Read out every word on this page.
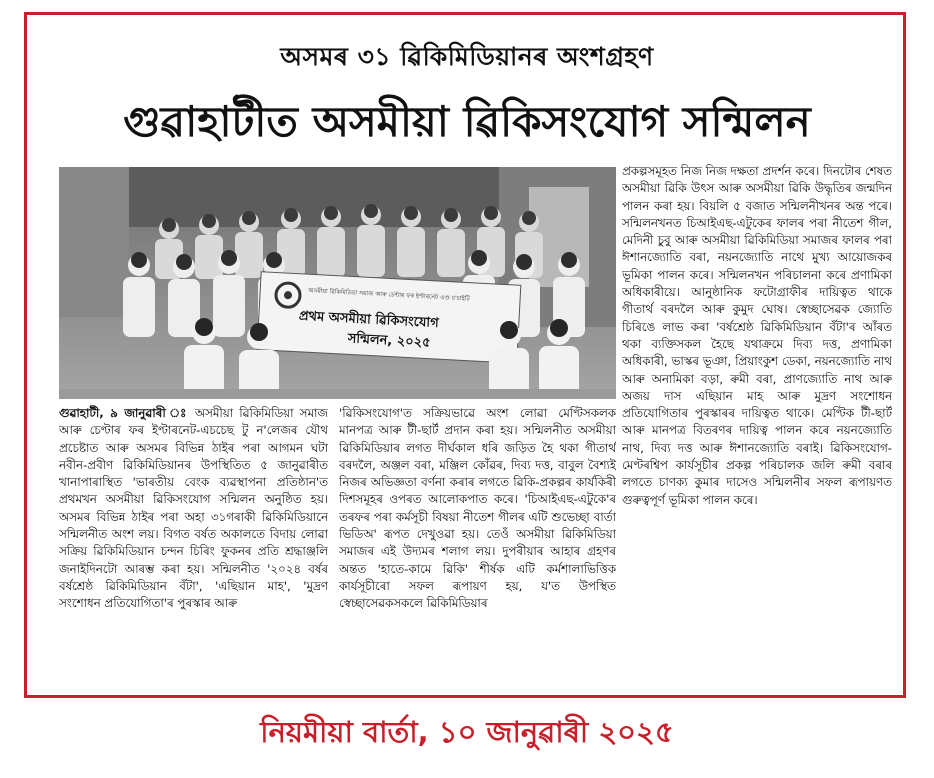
অসমৰ ৩১ ৱিকিমিডিয়ানৰ অংশগ্ৰহণ
গুৱাহাটীত অসমীয়া ৱিকিসংযোগ সন্মিলন
অসমীয়া ৱিকিমিডিয়া সমাজ আৰু চেন্টাৰ ফৰ ইণ্টাৰনেট এণ্ড চ'চাইটি
প্ৰথম অসমীয়া ৱিকিসংযোগ
সন্মিলন, ২০২৫

গুৱাহাটী, ৯ জানুৱাৰী ঃ অসমীয়া ৱিকিমিডিয়া সমাজ আৰু চেণ্টাৰ ফৰ ইণ্টাৰনেট-এচচেছ টু ন'লেজৰ যৌথ প্ৰচেষ্টাত আৰু অসমৰ বিভিন্ন ঠাইৰ পৰা আগমন ঘটা নবীন-প্ৰবীণ ৱিকিমিডিয়ানৰ উপস্থিতিত ৫ জানুৱাৰীত খানাপাৰাস্থিত 'ভাৰতীয় বেংক ব্যৱস্থাপনা প্ৰতিষ্ঠান'ত প্ৰথমখন অসমীয়া ৱিকিসংযোগ সন্মিলন অনুষ্ঠিত হয়। অসমৰ বিভিন্ন ঠাইৰ পৰা অহা ৩১গৰাকী ৱিকিমিডিয়ানে সন্মিলনীত অংশ লয়। বিগত বৰ্ষত অকালতে বিদায় লোৱা সক্ৰিয় ৱিকিমিডিয়ান চন্দন চিৰিং ফুকনৰ প্ৰতি শ্ৰদ্ধাঞ্জলি জনাইদিনটো আৰম্ভ কৰা হয়। সন্মিলনীত '২০২৪ বৰ্ষৰ বৰ্ষশ্ৰেষ্ঠ ৱিকিমিডিয়ান বঁটা', 'এছিয়ান মাহ', 'মুদ্ৰণ সংশোধন প্ৰতিযোগিতা'ৰ পুৰস্কাৰ আৰু

'ৱিকিসংযোগ'ত সক্ৰিয়ভাৱে অংশ লোৱা মেণ্টিসকলক মানপত্ৰ আৰু টী-ছাৰ্ট প্ৰদান কৰা হয়। সন্মিলনীত অসমীয়া ৱিকিমিডিয়াৰ লগত দীৰ্ঘকাল ধৰি জড়িত হৈ থকা গীতাৰ্থ বৰদলৈ, অঞ্জল বৰা, মঞ্জিল কোঁৱৰ, দিব্য দত্ত, বাবুল বৈশ্যই নিজৰ অভিজ্ঞতা বৰ্ণনা কৰাৰ লগতে ৱিকি-প্ৰকল্পৰ কাৰ্যকিৰী দিশসমূহৰ ওপৰত আলোকপাত কৰে। 'চিআইএছ-এটুকে'ৰ তৰফৰ পৰা কৰ্মসূচী বিষয়া নীতেশ গীলৰ এটি শুভেচ্ছা বাৰ্তা ভিডিঅ' ৰূপত দেখুওৱা হয়। তেওঁ অসমীয়া ৱিকিমিডিয়া সমাজৰ এই উদ্যমৰ শলাগ লয়। দুপৰীয়াৰ আহাৰ গ্ৰহণৰ অন্তত 'হাতে-কামে ৱিকি' শীৰ্ষক এটি কৰ্মশালাভিত্তিক কাৰ্যসূচীৰো সফল ৰূপায়ণ হয়, য'ত উপস্থিত স্বেচ্ছাসেৱকসকলে ৱিকিমিডিয়াৰ

প্ৰকল্পসমূহত নিজ নিজ দক্ষতা প্ৰদৰ্শন কৰে। দিনটোৰ শেষত অসমীয়া ৱিকি উৎস আৰু অসমীয়া ৱিকি উদ্ধৃতিৰ জন্মদিন পালন কৰা হয়। বিয়লি ৫ বজাত সন্মিলনীখনৰ অন্ত পৰে। সন্মিলনখনত চিআইএছ-এটুকেৰ ফালৰ পৰা নীতেশ গীল, মেদিনী চুবু আৰু অসমীয়া ৱিকিমিডিয়া সমাজৰ ফালৰ পৰা ঈশানজ্যোতি বৰা, নয়নজ্যোতি নাথে মুখ্য আয়োজকৰ ভূমিকা পালন কৰে। সন্মিলনখন পৰিচালনা কৰে প্ৰণামিকা অধিকাৰীয়ে। আনুষ্ঠানিক ফটোগ্ৰাফীৰ দায়িত্বত থাকে গীতাৰ্থ বৰদলৈ আৰু কুমুদ ঘোষ। স্বেচ্ছাসেৱক জ্যোতি চিৰিঙে লাভ কৰা 'বৰ্ষশ্ৰেষ্ঠ ৱিকিমিডিয়ান বঁটা'ৰ আঁৰত থকা ব্যক্তিসকল হৈছে যথাক্ৰমে দিব্য দত্ত, প্ৰণামিকা অধিকাৰী, ভাস্কৰ ভূঞা, প্ৰিয়াংকুশ ডেকা, নয়নজ্যোতি নাথ আৰু অনামিকা বড়া, ৰুমী বৰা, প্ৰাণজ্যোতি নাথ আৰু অজয় দাস এছিয়ান মাহ আৰু মুদ্ৰণ সংশোধন প্ৰতিযোগিতাৰ পুৰস্কাৰৰ দায়িত্বত থাকে। মেণ্টিক টী-ছাৰ্ট আৰু মানপত্ৰ বিতৰণৰ দায়িত্ব পালন কৰে নয়নজ্যোতি নাথ, দিব্য দত্ত আৰু ঈশানজ্যোতি বৰাই। ৱিকিসংযোগ-মেণ্টৰশ্বিপ কাৰ্যসূচীৰ প্ৰকল্প পৰিচালক জলি ৰুমী বৰাৰ লগতে চাণক্য কুমাৰ দাসেও সন্মিলনীৰ সফল ৰূপায়ণত গুৰুত্বপূৰ্ণ ভূমিকা পালন কৰে।

নিয়মীয়া বাৰ্তা, ১০ জানুৱাৰী ২০২৫
